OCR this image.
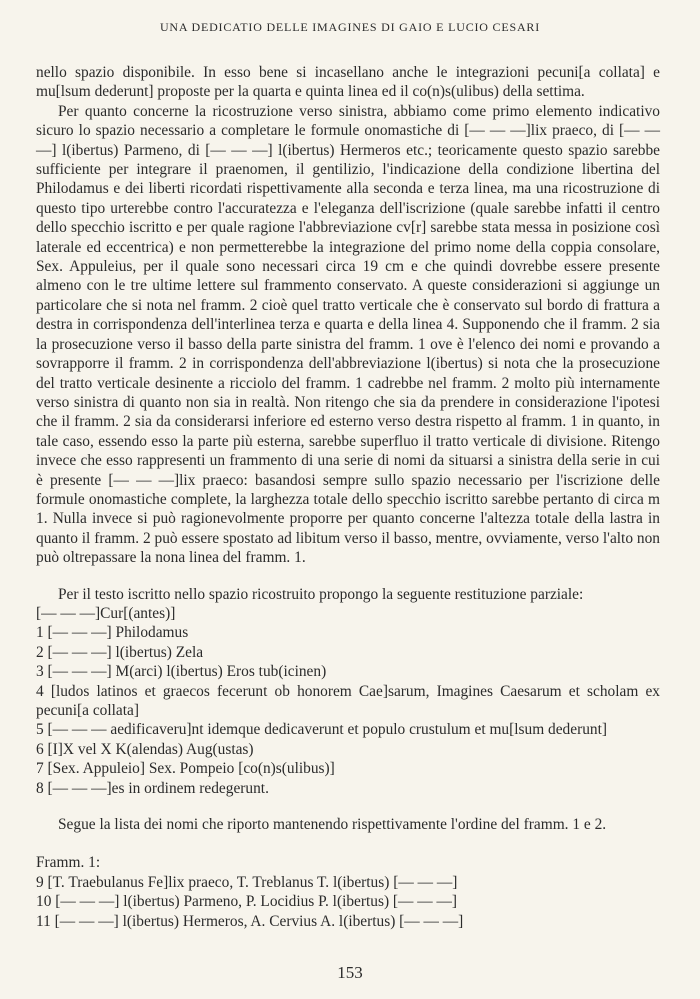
UNA DEDICATIO DELLE IMAGINES DI GAIO E LUCIO CESARI

nello spazio disponibile. In esso bene si incasellano anche le integrazioni pecuni[a collata] e mu[lsum dederunt] proposte per la quarta e quinta linea ed il co(n)s(ulibus) della settima.

Per quanto concerne la ricostruzione verso sinistra, abbiamo come primo elemento indicativo sicuro lo spazio necessario a completare le formule onomastiche di [— — —]lix praeco, di [— — —] l(ibertus) Parmeno, di [— — —] l(ibertus) Hermeros etc.; teoricamente questo spazio sarebbe sufficiente per integrare il praenomen, il gentilizio, l'indicazione della condizione libertina del Philodamus e dei liberti ricordati rispettivamente alla seconda e terza linea, ma una ricostruzione di questo tipo urterebbe contro l'accuratezza e l'eleganza dell'iscrizione (quale sarebbe infatti il centro dello specchio iscritto e per quale ragione l'abbreviazione cv[r] sarebbe stata messa in posizione così laterale ed eccentrica) e non permetterebbe la integrazione del primo nome della coppia consolare, Sex. Appuleius, per il quale sono necessari circa 19 cm e che quindi dovrebbe essere presente almeno con le tre ultime lettere sul frammento conservato. A queste considerazioni si aggiunge un particolare che si nota nel framm. 2 cioè quel tratto verticale che è conservato sul bordo di frattura a destra in corrispondenza dell'interlinea terza e quarta e della linea 4. Supponendo che il framm. 2 sia la prosecuzione verso il basso della parte sinistra del framm. 1 ove è l'elenco dei nomi e provando a sovrapporre il framm. 2 in corrispondenza dell'abbreviazione l(ibertus) si nota che la prosecuzione del tratto verticale desinente a ricciolo del framm. 1 cadrebbe nel framm. 2 molto più internamente verso sinistra di quanto non sia in realtà. Non ritengo che sia da prendere in considerazione l'ipotesi che il framm. 2 sia da considerarsi inferiore ed esterno verso destra rispetto al framm. 1 in quanto, in tale caso, essendo esso la parte più esterna, sarebbe superfluo il tratto verticale di divisione. Ritengo invece che esso rappresenti un frammento di una serie di nomi da situarsi a sinistra della serie in cui è presente [— — —]lix praeco: basandosi sempre sullo spazio necessario per l'iscrizione delle formule onomastiche complete, la larghezza totale dello specchio iscritto sarebbe pertanto di circa m 1. Nulla invece si può ragionevolmente proporre per quanto concerne l'altezza totale della lastra in quanto il framm. 2 può essere spostato ad libitum verso il basso, mentre, ovviamente, verso l'alto non può oltrepassare la nona linea del framm. 1.

Per il testo iscritto nello spazio ricostruito propongo la seguente restituzione parziale:

[— — —]Cur[(antes)]
1 [— — —] Philodamus
2 [— — —] l(ibertus) Zela
3 [— — —] M(arci) l(ibertus) Eros tub(icinen)
4 [ludos latinos et graecos fecerunt ob honorem Cae]sarum, Imagines Caesarum et scholam ex pecuni[a collata]
5 [— — — aedificaveru]nt idemque dedicaverunt et populo crustulum et mu[lsum dederunt]
6 [I]X vel X K(alendas) Aug(ustas)
7 [Sex. Appuleio] Sex. Pompeio [co(n)s(ulibus)]
8 [— — —]es in ordinem redegerunt.

Segue la lista dei nomi che riporto mantenendo rispettivamente l'ordine del framm. 1 e 2.

Framm. 1:
9 [T. Traebulanus Fe]lix praeco, T. Treblanus T. l(ibertus) [— — —]
10 [— — —] l(ibertus) Parmeno, P. Locidius P. l(ibertus) [— — —]
11 [— — —] l(ibertus) Hermeros, A. Cervius A. l(ibertus) [— — —]
153
